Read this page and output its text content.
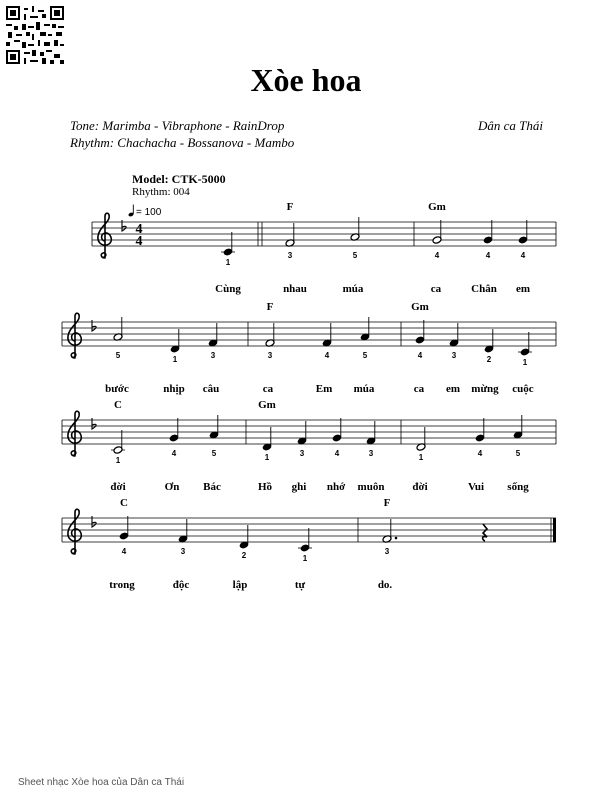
Xòe hoa
Tone: Marimba - Vibraphone - RainDrop
Rhythm: Chachacha - Bossanova - Mambo
Dân ca Thái
Model: CTK-5000
Rhythm: 004
= 100
4
4
1
3	5	4	4	4
F	Gm
Cùng	nhau	múa	ca	Chân em
5	1	3	3	4	5	4	3	2	1
F	Gm
bước	nhịp câu	ca	Em múa	ca em mừng cuộc
1
4	5	1	3	4	3	1	4	5
C	Gm
đời	Ơn Bác	Hồ ghi nhớ muôn	đời	Vui sống
4	3	2	1
3
C	F
trong	độc	lập	tự	do.
Sheet nhạc Xòe hoa của Dân ca Thái
